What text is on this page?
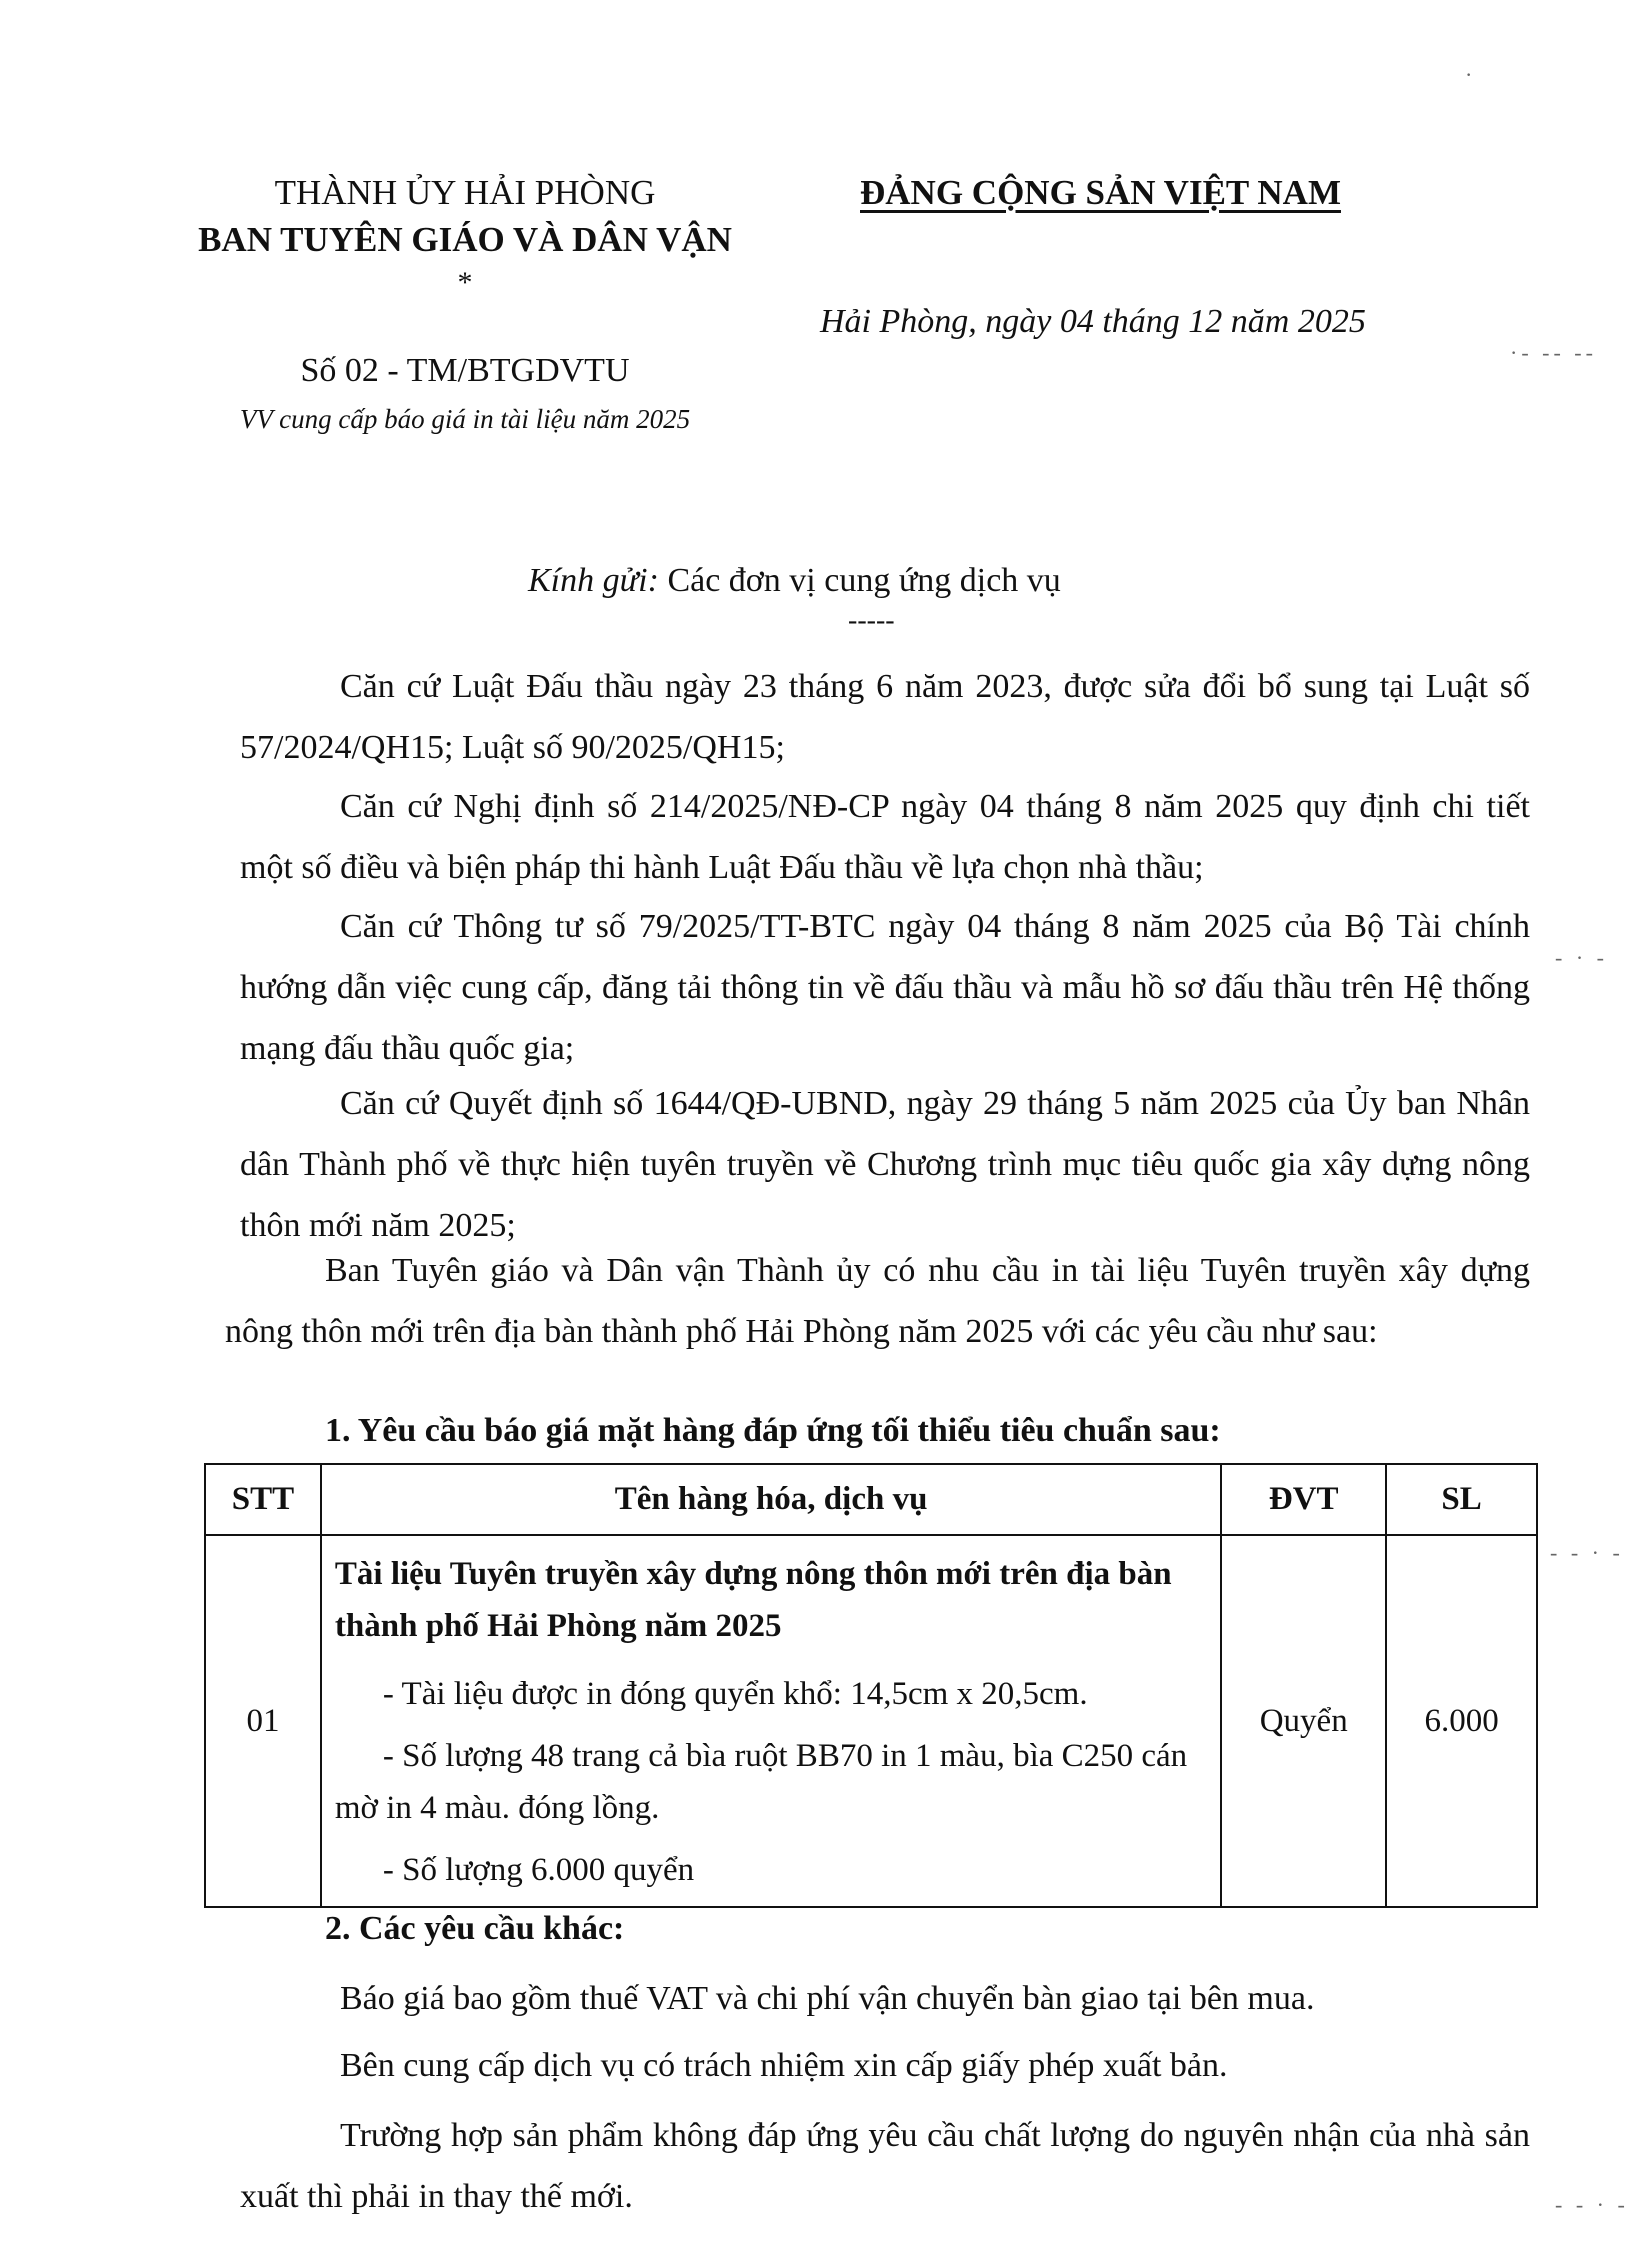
THÀNH ỦY HẢI PHÒNG
BAN TUYÊN GIÁO VÀ DÂN VẬN
*
Số 02 - TM/BTGDVTU
VV cung cấp báo giá in tài liệu năm 2025
ĐẢNG CỘNG SẢN VIỆT NAM
Hải Phòng, ngày 04 tháng 12 năm 2025
·
·- -- --
- · -
- - · -
- - · -
Kính gửi: Các đơn vị cung ứng dịch vụ
-----
Căn cứ Luật Đấu thầu ngày 23 tháng 6 năm 2023, được sửa đổi bổ sung tại Luật số 57/2024/QH15; Luật số 90/2025/QH15;
Căn cứ Nghị định số 214/2025/NĐ-CP ngày 04 tháng 8 năm 2025 quy định chi tiết một số điều và biện pháp thi hành Luật Đấu thầu về lựa chọn nhà thầu;
Căn cứ Thông tư số 79/2025/TT-BTC ngày 04 tháng 8 năm 2025 của Bộ Tài chính hướng dẫn việc cung cấp, đăng tải thông tin về đấu thầu và mẫu hồ sơ đấu thầu trên Hệ thống mạng đấu thầu quốc gia;
Căn cứ Quyết định số 1644/QĐ-UBND, ngày 29 tháng 5 năm 2025 của Ủy ban Nhân dân Thành phố về thực hiện tuyên truyền về Chương trình mục tiêu quốc gia xây dựng nông thôn mới năm 2025;
Ban Tuyên giáo và Dân vận Thành ủy có nhu cầu in tài liệu Tuyên truyền xây dựng nông thôn mới trên địa bàn thành phố Hải Phòng năm 2025 với các yêu cầu như sau:
1. Yêu cầu báo giá mặt hàng đáp ứng tối thiểu tiêu chuẩn sau:
STT	Tên hàng hóa, dịch vụ	ĐVT	SL
01	Tài liệu Tuyên truyền xây dựng nông thôn mới trên địa bàn thành phố Hải Phòng năm 2025
- Tài liệu được in đóng quyển khổ: 14,5cm x 20,5cm.
- Số lượng 48 trang cả bìa ruột BB70 in 1 màu, bìa C250 cán mờ in 4 màu. đóng lồng.
- Số lượng 6.000 quyển	Quyển	6.000
2. Các yêu cầu khác:
Báo giá bao gồm thuế VAT và chi phí vận chuyển bàn giao tại bên mua.
Bên cung cấp dịch vụ có trách nhiệm xin cấp giấy phép xuất bản.
Trường hợp sản phẩm không đáp ứng yêu cầu chất lượng do nguyên nhận của nhà sản xuất thì phải in thay thế mới.
